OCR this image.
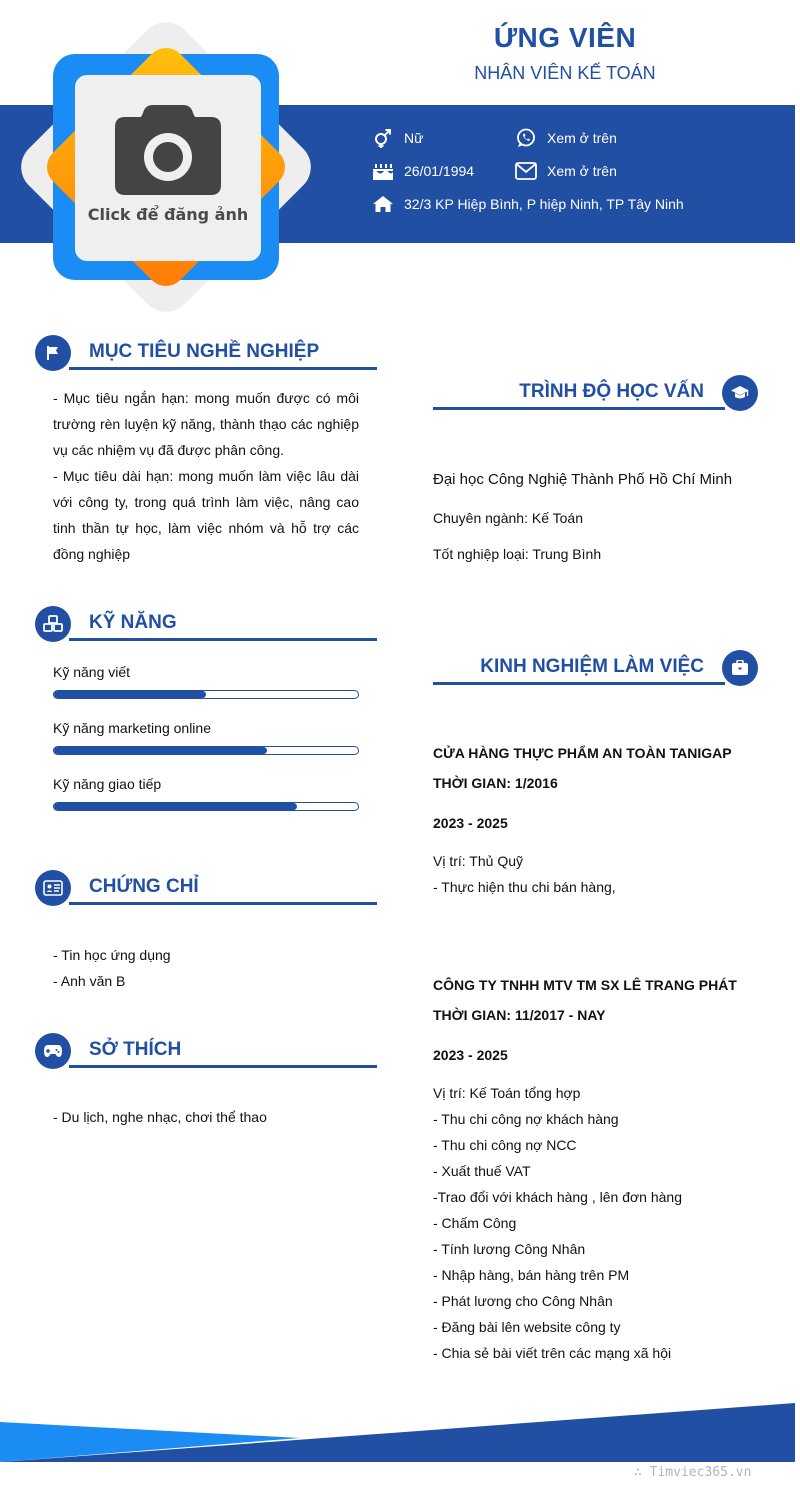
Click để đăng ảnh
ỨNG VIÊN
NHÂN VIÊN KẾ TOÁN
Nữ	Xem ở trên
26/01/1994	Xem ở trên
32/3 KP Hiệp Bình, P hiệp Ninh, TP Tây Ninh
MỤC TIÊU NGHỀ NGHIỆP
- Mục tiêu ngắn hạn: mong muốn được có môi trường rèn luyện kỹ năng, thành thạo các nghiệp vụ các nhiệm vụ đã được phân công.
- Mục tiêu dài hạn: mong muốn làm việc lâu dài với công ty, trong quá trình làm việc, nâng cao tinh thần tự học, làm việc nhóm và hỗ trợ các đồng nghiệp
KỸ NĂNG
Kỹ năng viết
Kỹ năng marketing online
Kỹ năng giao tiếp
CHỨNG CHỈ
- Tin học ứng dụng
- Anh văn B
SỞ THÍCH
- Du lịch, nghe nhạc, chơi thể thao
TRÌNH ĐỘ HỌC VẤN
Đại học Công Nghiệ Thành Phố Hồ Chí Minh
Chuyên ngành: Kế Toán
Tốt nghiệp loại: Trung Bình
KINH NGHIỆM LÀM VIỆC
CỬA HÀNG THỰC PHẨM AN TOÀN TANIGAP
THỜI GIAN: 1/2016
2023 - 2025
Vị trí: Thủ Quỹ
- Thực hiện thu chi bán hàng,
CÔNG TY TNHH MTV TM SX LÊ TRANG PHÁT
THỜI GIAN: 11/2017 - NAY
2023 - 2025
Vị trí: Kế Toán tổng hợp
- Thu chi công nợ khách hàng
- Thu chi công nợ NCC
- Xuất thuế VAT
-Trao đổi với khách hàng , lên đơn hàng
- Chấm Công
- Tính lương Công Nhân
- Nhập hàng, bán hàng trên PM
- Phát lương cho Công Nhân
- Đăng bài lên website công ty
- Chia sẻ bài viết trên các mạng xã hội
∴ Timviec365.vn
